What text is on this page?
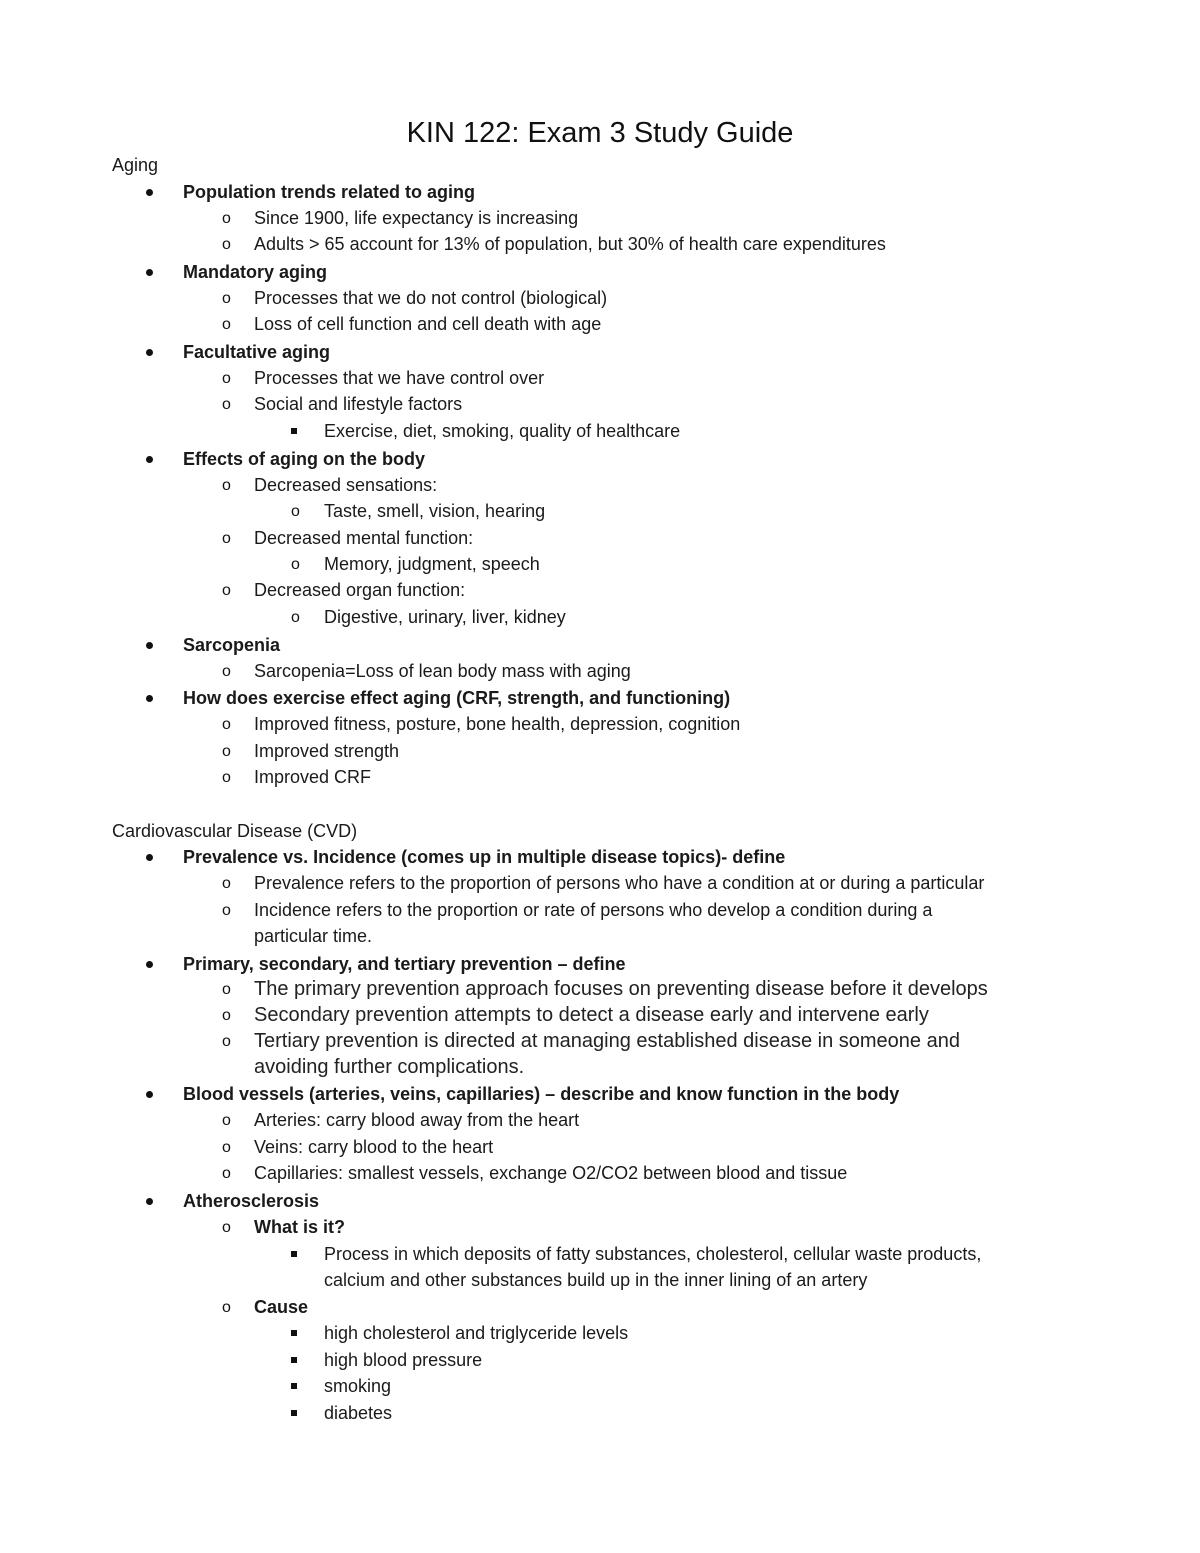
KIN 122: Exam 3 Study Guide
Aging
Population trends related to aging
o Since 1900, life expectancy is increasing
o Adults > 65 account for 13% of population, but 30% of health care expenditures
Mandatory aging
o Processes that we do not control (biological)
o Loss of cell function and cell death with age
Facultative aging
o Processes that we have control over
o Social and lifestyle factors
Exercise, diet, smoking, quality of healthcare
Effects of aging on the body
o Decreased sensations:
o Taste, smell, vision, hearing
o Decreased mental function:
o Memory, judgment, speech
o Decreased organ function:
o Digestive, urinary, liver, kidney
Sarcopenia
o Sarcopenia=Loss of lean body mass with aging
How does exercise effect aging (CRF, strength, and functioning)
o Improved fitness, posture, bone health, depression, cognition
o Improved strength
o Improved CRF
Cardiovascular Disease (CVD)
Prevalence vs. Incidence (comes up in multiple disease topics)- define
o Prevalence refers to the proportion of persons who have a condition at or during a particular
o Incidence refers to the proportion or rate of persons who develop a condition during a
particular time.
Primary, secondary, and tertiary prevention – define
o The primary prevention approach focuses on preventing disease before it develops
o Secondary prevention attempts to detect a disease early and intervene early
o Tertiary prevention is directed at managing established disease in someone and
avoiding further complications.
Blood vessels (arteries, veins, capillaries) – describe and know function in the body
o Arteries: carry blood away from the heart
o Veins: carry blood to the heart
o Capillaries: smallest vessels, exchange O2/CO2 between blood and tissue
Atherosclerosis
o What is it?
Process in which deposits of fatty substances, cholesterol, cellular waste products,
calcium and other substances build up in the inner lining of an artery
o Cause
high cholesterol and triglyceride levels
high blood pressure
smoking
diabetes
